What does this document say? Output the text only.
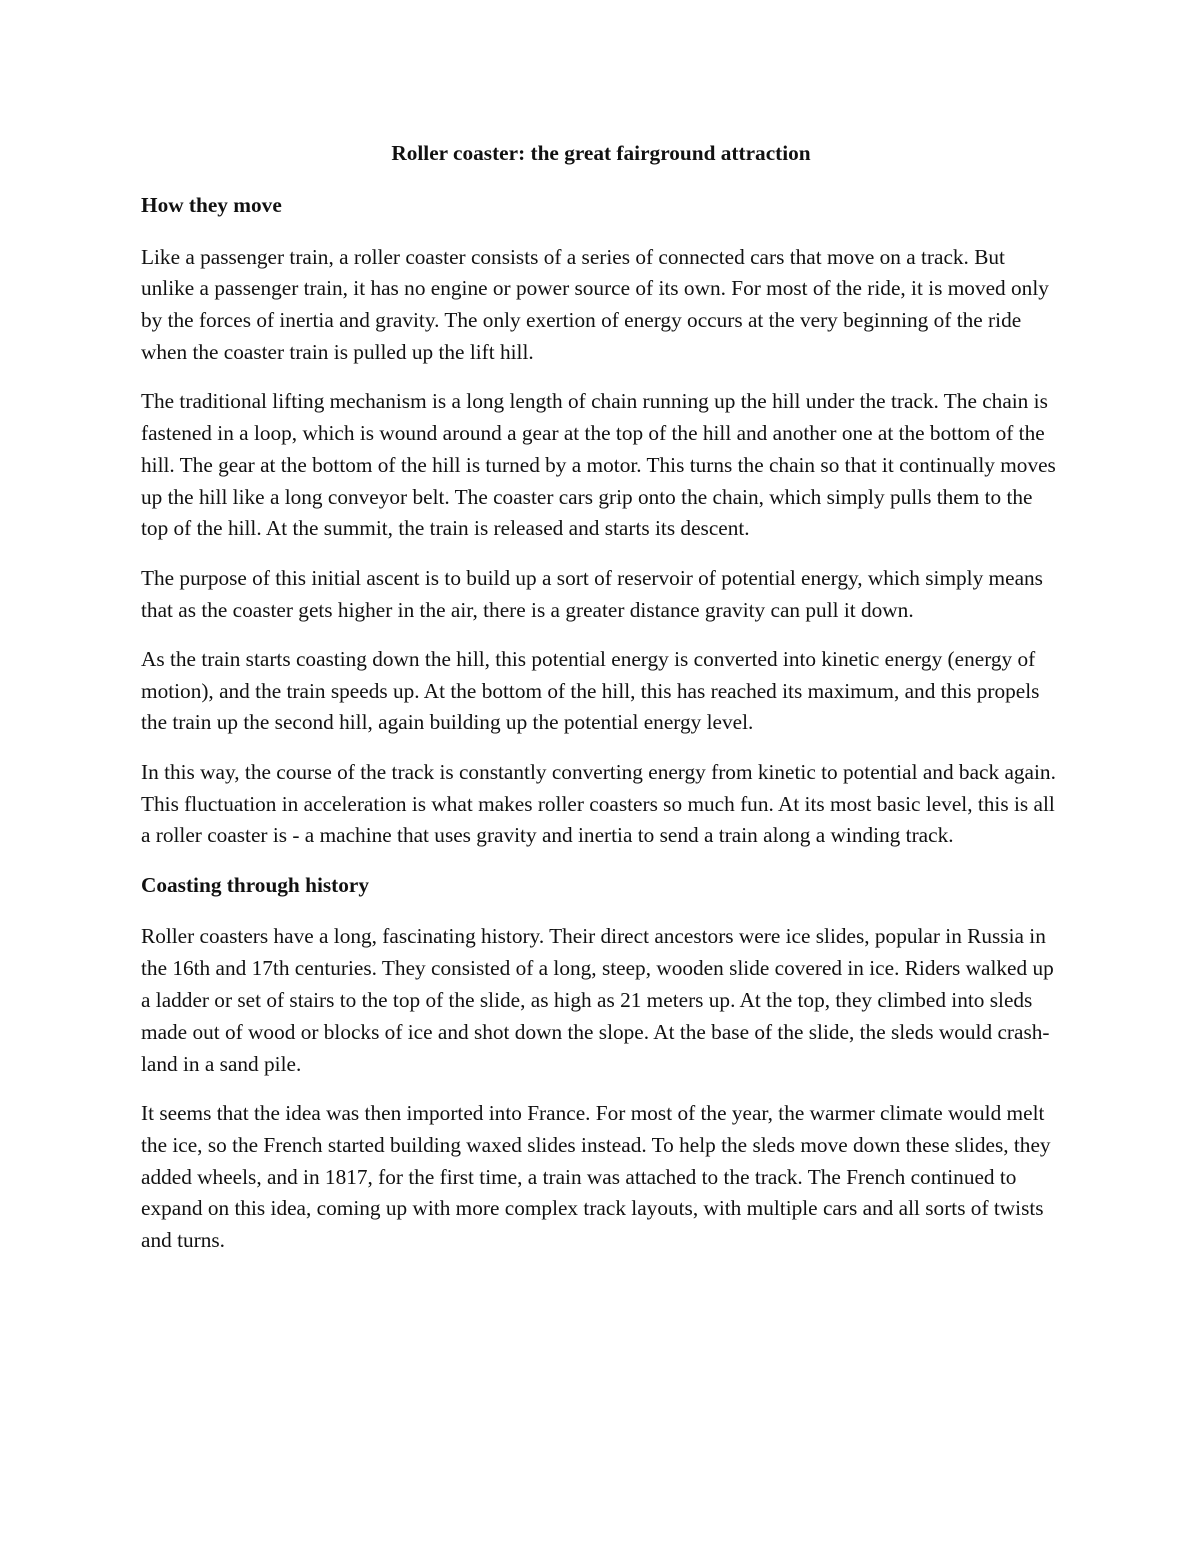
Roller coaster: the great fairground attraction
How they move

Like a passenger train, a roller coaster consists of a series of connected cars that move on a track. But unlike a passenger train, it has no engine or power source of its own. For most of the ride, it is moved only by the forces of inertia and gravity. The only exertion of energy occurs at the very beginning of the ride when the coaster train is pulled up the lift hill.

The traditional lifting mechanism is a long length of chain running up the hill under the track. The chain is fastened in a loop, which is wound around a gear at the top of the hill and another one at the bottom of the hill. The gear at the bottom of the hill is turned by a motor. This turns the chain so that it continually moves up the hill like a long conveyor belt. The coaster cars grip onto the chain, which simply pulls them to the top of the hill. At the summit, the train is released and starts its descent.

The purpose of this initial ascent is to build up a sort of reservoir of potential energy, which simply means that as the coaster gets higher in the air, there is a greater distance gravity can pull it down.

As the train starts coasting down the hill, this potential energy is converted into kinetic energy (energy of motion), and the train speeds up. At the bottom of the hill, this has reached its maximum, and this propels the train up the second hill, again building up the potential energy level.

In this way, the course of the track is constantly converting energy from kinetic to potential and back again. This fluctuation in acceleration is what makes roller coasters so much fun. At its most basic level, this is all a roller coaster is - a machine that uses gravity and inertia to send a train along a winding track.

Coasting through history

Roller coasters have a long, fascinating history. Their direct ancestors were ice slides, popular in Russia in the 16th and 17th centuries. They consisted of a long, steep, wooden slide covered in ice. Riders walked up a ladder or set of stairs to the top of the slide, as high as 21 meters up. At the top, they climbed into sleds made out of wood or blocks of ice and shot down the slope. At the base of the slide, the sleds would crash-land in a sand pile.

It seems that the idea was then imported into France. For most of the year, the warmer climate would melt the ice, so the French started building waxed slides instead. To help the sleds move down these slides, they added wheels, and in 1817, for the first time, a train was attached to the track. The French continued to expand on this idea, coming up with more complex track layouts, with multiple cars and all sorts of twists and turns.
